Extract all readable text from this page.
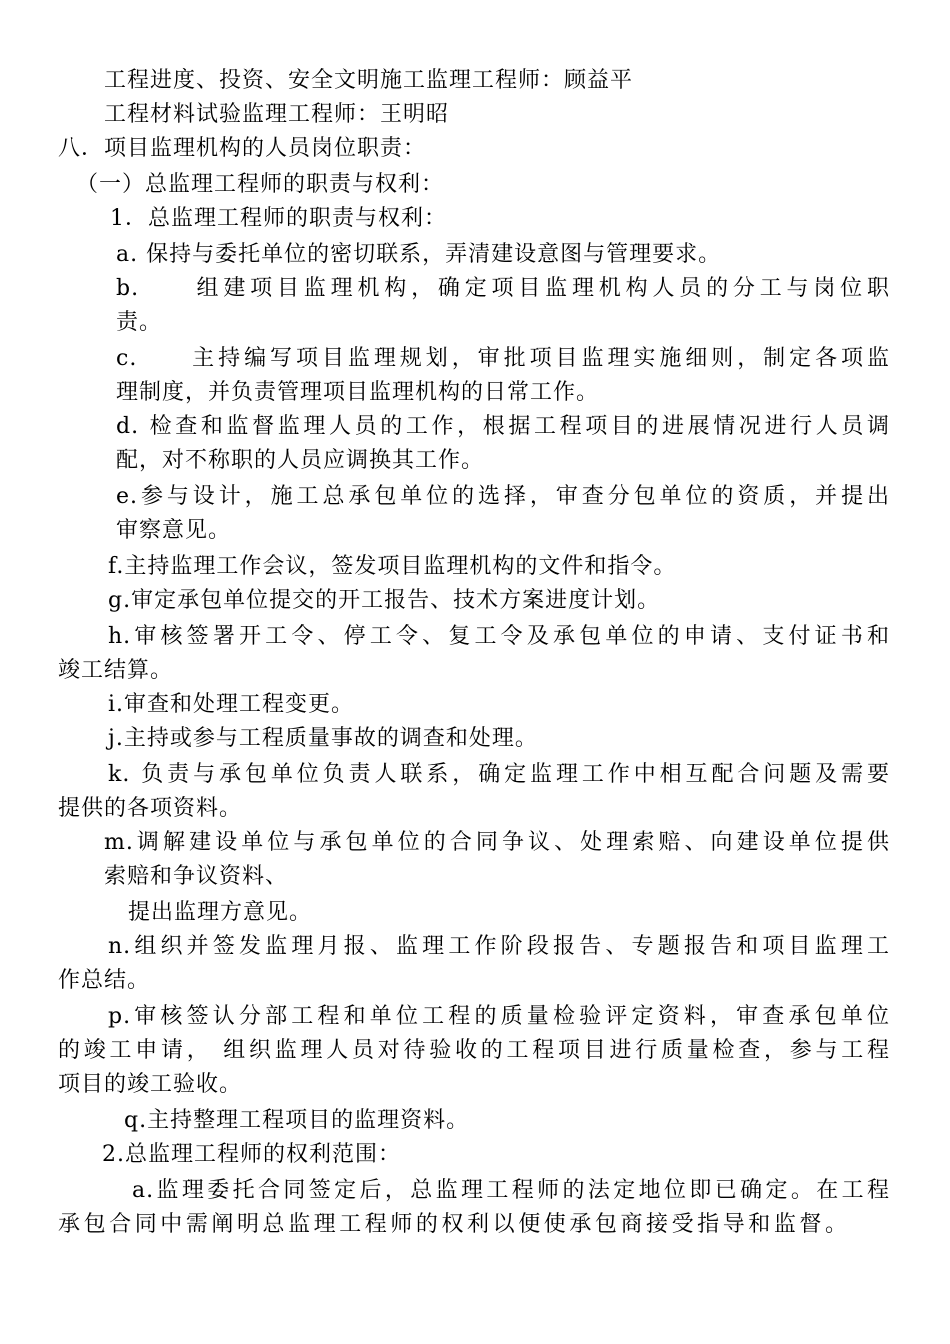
工程进度、投资、安全文明施工监理工程师：顾益平
工程材料试验监理工程师：王明昭
八．项目监理机构的人员岗位职责：
（一）总监理工程师的职责与权利：
1．总监理工程师的职责与权利：
a. 保持与委托单位的密切联系，弄清建设意图与管理要求。
b.　　组建项目监理机构，确定项目监理机构人员的分工与岗位职
责。
c.　　主持编写项目监理规划，审批项目监理实施细则，制定各项监
理制度，并负责管理项目监理机构的日常工作。
d. 检查和监督监理人员的工作，根据工程项目的进展情况进行人员调
配，对不称职的人员应调换其工作。
e.参与设计，施工总承包单位的选择，审查分包单位的资质，并提出
审察意见。
f.主持监理工作会议，签发项目监理机构的文件和指令。
g.审定承包单位提交的开工报告、技术方案进度计划。
h.审核签署开工令、停工令、复工令及承包单位的申请、支付证书和
竣工结算。
i.审查和处理工程变更。
j.主持或参与工程质量事故的调查和处理。
k. 负责与承包单位负责人联系，确定监理工作中相互配合问题及需要
提供的各项资料。
m.调解建设单位与承包单位的合同争议、处理索赔、向建设单位提供
索赔和争议资料、
提出监理方意见。
n.组织并签发监理月报、监理工作阶段报告、专题报告和项目监理工
作总结。
p.审核签认分部工程和单位工程的质量检验评定资料，审查承包单位
的竣工申请， 组织监理人员对待验收的工程项目进行质量检查，参与工程
项目的竣工验收。
q.主持整理工程项目的监理资料。
2.总监理工程师的权利范围：
a.监理委托合同签定后，总监理工程师的法定地位即已确定。在工程
承包合同中需阐明总监理工程师的权利以便使承包商接受指导和监督。
